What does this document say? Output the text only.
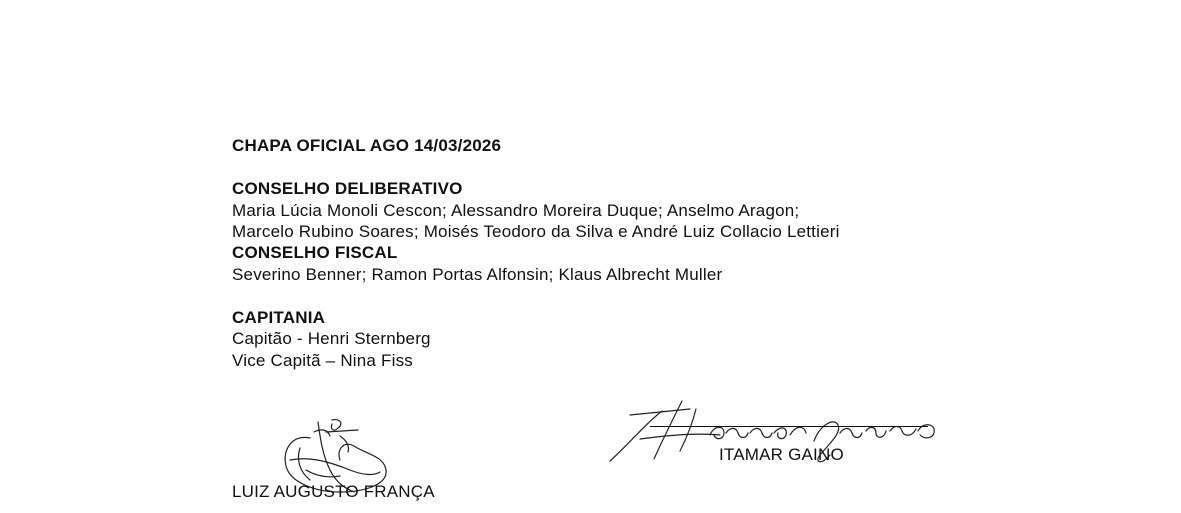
CHAPA OFICIAL AGO 14/03/2026
CONSELHO DELIBERATIVO
Maria Lúcia Monoli Cescon; Alessandro Moreira Duque; Anselmo Aragon;
Marcelo Rubino Soares; Moisés Teodoro da Silva e André Luiz Collacio Lettieri
CONSELHO FISCAL
Severino Benner; Ramon Portas Alfonsin; Klaus Albrecht Muller
CAPITANIA
Capitão - Henri Sternberg
Vice Capitã – Nina Fiss
LUIZ AUGUSTO FRANÇA
ITAMAR GAINO
